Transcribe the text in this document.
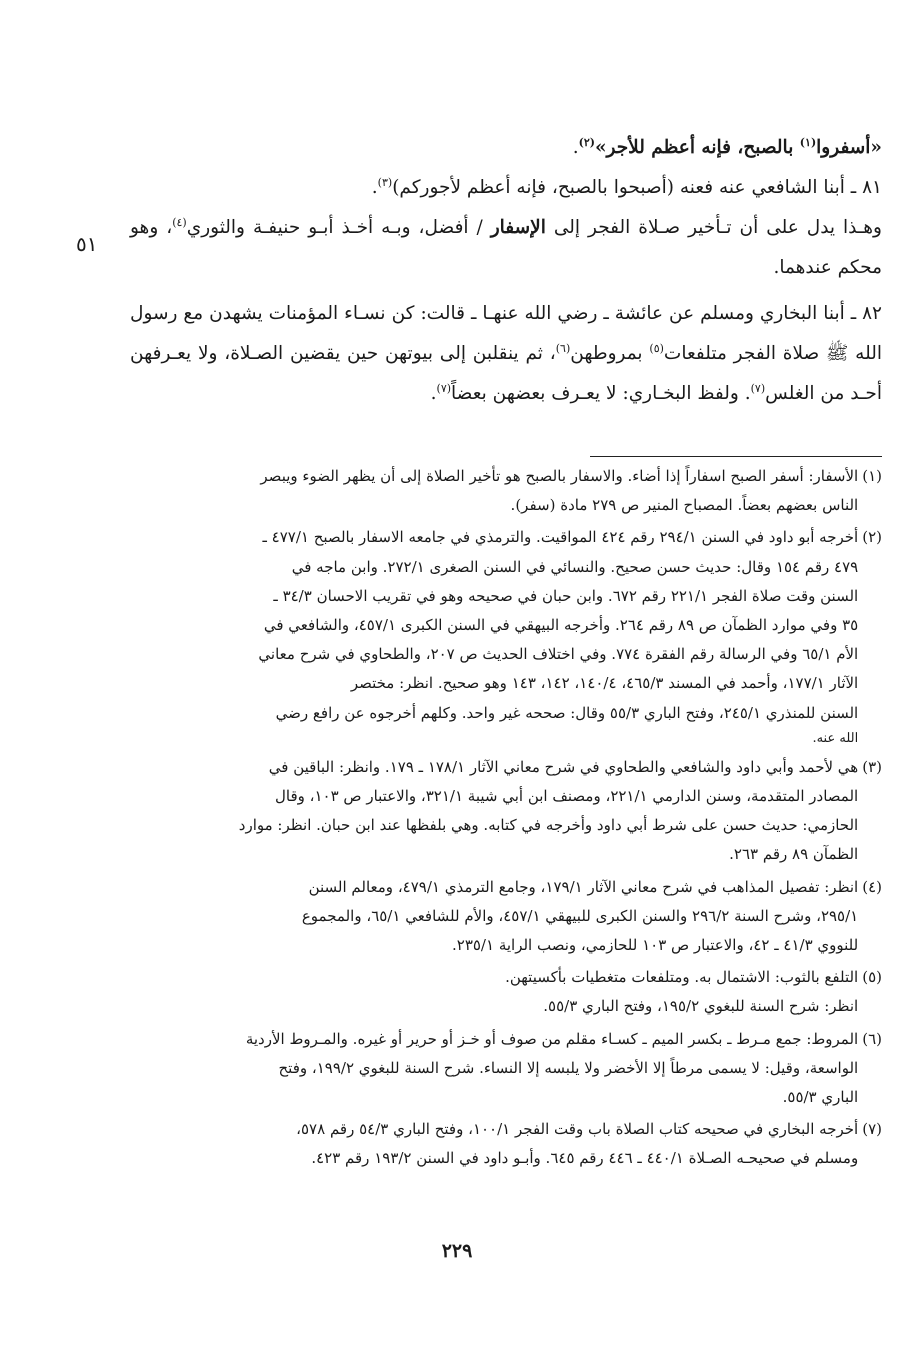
٥١

«أسفروا$^{(١)}$ بالصبح، فإنه أعظم للأجر»$^{(٢)}$.

٨١ ـ أبنا الشافعي عنه فعنه (أصبحوا بالصبح، فإنه أعظم لأجوركم)$^{(٣)}$.

وهـذا يدل على أن تـأخير صـلاة الفجر إلى الإسفار / أفضل، وبـه أخـذ أبـو حنيفـة والثوري$^{(٤)}$، وهو محكم عندهما.

٨٢ ـ أبنا البخاري ومسلم عن عائشة ـ رضي الله عنهـا ـ قالت: كن نسـاء المؤمنات يشهدن مع رسول الله ﷺ صلاة الفجر متلفعات$^{(٥)}$ بمروطهن$^{(٦)}$، ثم ينقلبن إلى بيوتهن حين يقضين الصـلاة، ولا يعـرفهن أحـد من الغلس$^{(٧)}$. ولفظ البخـاري: لا يعـرف بعضهن بعضاً$^{(٧)}$.

(١)
الأسفار: أسفر الصبح اسفاراً إذا أضاء. والاسفار بالصبح هو تأخير الصلاة إلى أن يظهر الضوء ويبصر
الناس بعضهم بعضاً. المصباح المنير ص ٢٧٩ مادة (سفر).
(٢)
أخرجه أبو داود في السنن ٢٩٤/١ رقم ٤٢٤ المواقيت. والترمذي في جامعه الاسفار بالصبح ٤٧٧/١ ـ
٤٧٩ رقم ١٥٤ وقال: حديث حسن صحيح. والنسائي في السنن الصغرى ٢٧٢/١. وابن ماجه في
السنن وقت صلاة الفجر ٢٢١/١ رقم ٦٧٢. وابن حبان في صحيحه وهو في تقريب الاحسان ٣٤/٣ ـ
٣٥ وفي موارد الظمآن ص ٨٩ رقم ٢٦٤. وأخرجه البيهقي في السنن الكبرى ٤٥٧/١، والشافعي في
الأم ٦٥/١ وفي الرسالة رقم الفقرة ٧٧٤. وفي اختلاف الحديث ص ٢٠٧، والطحاوي في شرح معاني
الآثار ١٧٧/١، وأحمد في المسند ٤٦٥/٣، ١٤٠/٤، ١٤٢، ١٤٣ وهو صحيح. انظر: مختصر
السنن للمنذري ٢٤٥/١، وفتح الباري ٥٥/٣ وقال: صححه غير واحد. وكلهم أخرجوه عن رافع رضي
الله عنه.
(٣)
هي لأحمد وأبي داود والشافعي والطحاوي في شرح معاني الآثار ١٧٨/١ ـ ١٧٩. وانظر: الباقين في
المصادر المتقدمة، وسنن الدارمي ٢٢١/١، ومصنف ابن أبي شيبة ٣٢١/١، والاعتبار ص ١٠٣، وقال
الحازمي: حديث حسن على شرط أبي داود وأخرجه في كتابه. وهي بلفظها عند ابن حبان. انظر: موارد
الظمآن ٨٩ رقم ٢٦٣.
(٤)
انظر: تفصيل المذاهب في شرح معاني الآثار ١٧٩/١، وجامع الترمذي ٤٧٩/١، ومعالم السنن
٢٩٥/١، وشرح السنة ٢٩٦/٢ والسنن الكبرى للبيهقي ٤٥٧/١، والأم للشافعي ٦٥/١، والمجموع
للنووي ٤١/٣ ـ ٤٢، والاعتبار ص ١٠٣ للحازمي، ونصب الراية ٢٣٥/١.
(٥)
التلفع بالثوب: الاشتمال به. ومتلفعات متغطيات بأكسيتهن.
انظر: شرح السنة للبغوي ١٩٥/٢، وفتح الباري ٥٥/٣.
(٦)
المروط: جمع مـرط ـ بكسر الميم ـ كسـاء مقلم من صوف أو خـز أو حرير أو غيره. والمـروط الأردية
الواسعة، وقيل: لا يسمى مرطاً إلا الأخضر ولا يلبسه إلا النساء. شرح السنة للبغوي ١٩٩/٢، وفتح
الباري ٥٥/٣.
(٧)
أخرجه البخاري في صحيحه كتاب الصلاة باب وقت الفجر ١٠٠/١، وفتح الباري ٥٤/٣ رقم ٥٧٨،
ومسلم في صحيحـه الصـلاة ٤٤٠/١ ـ ٤٤٦ رقم ٦٤٥. وأبـو داود في السنن ١٩٣/٢ رقم ٤٢٣.
٢٢٩
